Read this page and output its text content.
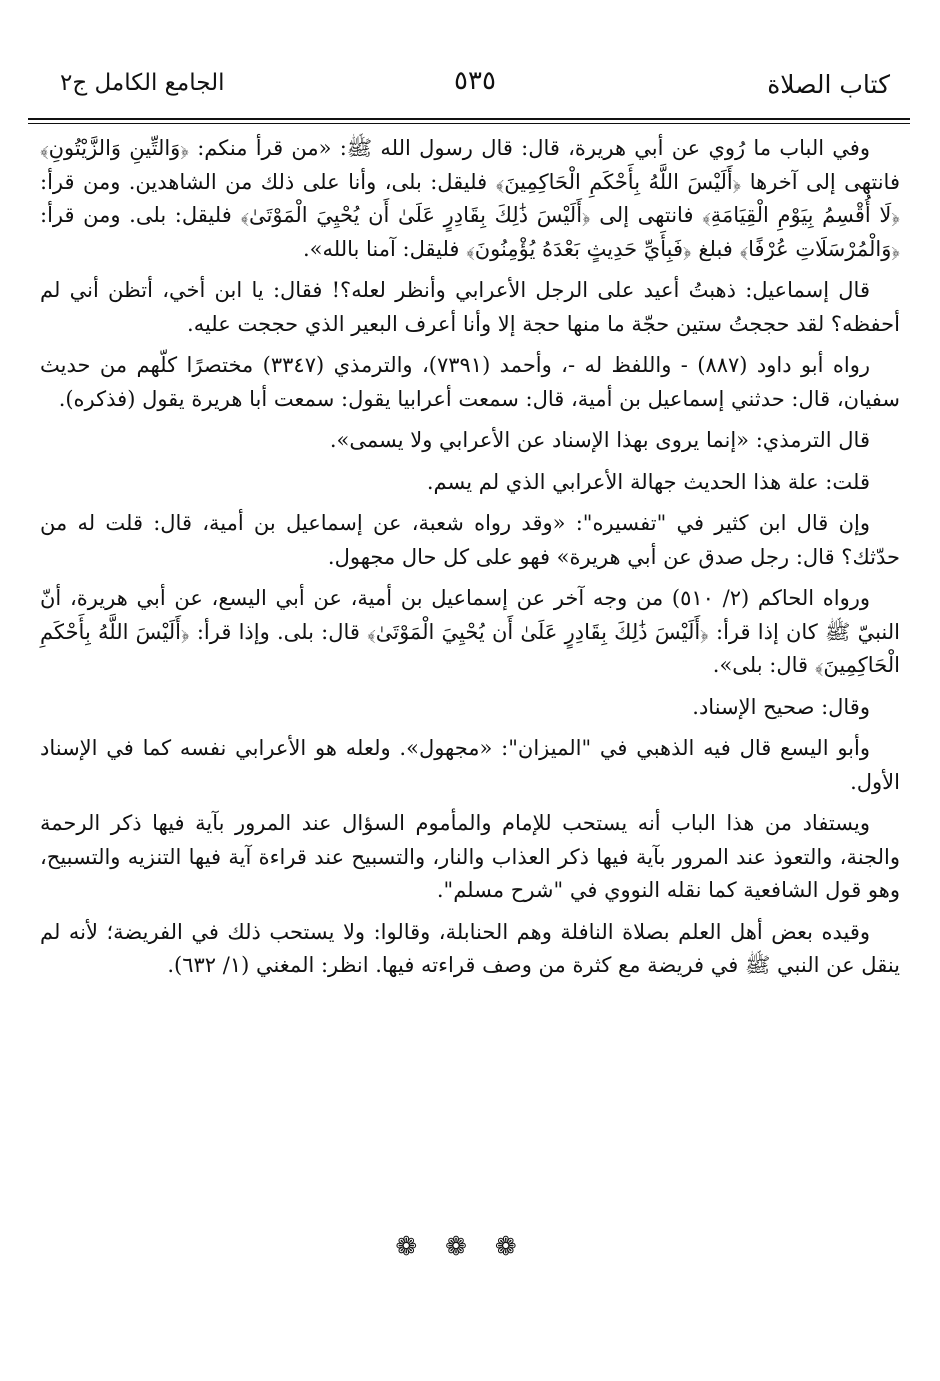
كتاب الصلاة
٥٣٥
الجامع الكامل ج٢

وفي الباب ما رُوي عن أبي هريرة، قال: قال رسول الله ﷺ: «من قرأ منكم: ﴿وَالتِّينِ وَالزَّيْتُونِ﴾ فانتهى إلى آخرها ﴿أَلَيْسَ اللَّهُ بِأَحْكَمِ الْحَاكِمِينَ﴾ فليقل: بلى، وأنا على ذلك من الشاهدين. ومن قرأ: ﴿لَا أُقْسِمُ بِيَوْمِ الْقِيَامَةِ﴾ فانتهى إلى ﴿أَلَيْسَ ذَٰلِكَ بِقَادِرٍ عَلَىٰ أَن يُحْيِيَ الْمَوْتَىٰ﴾ فليقل: بلى. ومن قرأ: ﴿وَالْمُرْسَلَاتِ عُرْفًا﴾ فبلغ ﴿فَبِأَيِّ حَدِيثٍ بَعْدَهُ يُؤْمِنُونَ﴾ فليقل: آمنا بالله».

قال إسماعيل: ذهبتُ أعيد على الرجل الأعرابي وأنظر لعله؟! فقال: يا ابن أخي، أتظن أني لم أحفظه؟ لقد حججتُ ستين حجّة ما منها حجة إلا وأنا أعرف البعير الذي حججت عليه.

رواه أبو داود (٨٨٧) - واللفظ له -، وأحمد (٧٣٩١)، والترمذي (٣٣٤٧) مختصرًا كلّهم من حديث سفيان، قال: حدثني إسماعيل بن أمية، قال: سمعت أعرابيا يقول: سمعت أبا هريرة يقول (فذكره).

قال الترمذي: «إنما يروى بهذا الإسناد عن الأعرابي ولا يسمى».

قلت: علة هذا الحديث جهالة الأعرابي الذي لم يسم.

وإن قال ابن كثير في "تفسيره": «وقد رواه شعبة، عن إسماعيل بن أمية، قال: قلت له من حدّثك؟ قال: رجل صدق عن أبي هريرة» فهو على كل حال مجهول.

ورواه الحاكم (٢/ ٥١٠) من وجه آخر عن إسماعيل بن أمية، عن أبي اليسع، عن أبي هريرة، أنّ النبيّ ﷺ كان إذا قرأ: ﴿أَلَيْسَ ذَٰلِكَ بِقَادِرٍ عَلَىٰ أَن يُحْيِيَ الْمَوْتَىٰ﴾ قال: بلى. وإذا قرأ: ﴿أَلَيْسَ اللَّهُ بِأَحْكَمِ الْحَاكِمِينَ﴾ قال: بلى».

وقال: صحيح الإسناد.

وأبو اليسع قال فيه الذهبي في "الميزان": «مجهول». ولعله هو الأعرابي نفسه كما في الإسناد الأول.

ويستفاد من هذا الباب أنه يستحب للإمام والمأموم السؤال عند المرور بآية فيها ذكر الرحمة والجنة، والتعوذ عند المرور بآية فيها ذكر العذاب والنار، والتسبيح عند قراءة آية فيها التنزيه والتسبيح، وهو قول الشافعية كما نقله النووي في "شرح مسلم".

وقيده بعض أهل العلم بصلاة النافلة وهم الحنابلة، وقالوا: ولا يستحب ذلك في الفريضة؛ لأنه لم ينقل عن النبي ﷺ في فريضة مع كثرة من وصف قراءته فيها. انظر: المغني (١/ ٦٣٢).

❁❁❁
